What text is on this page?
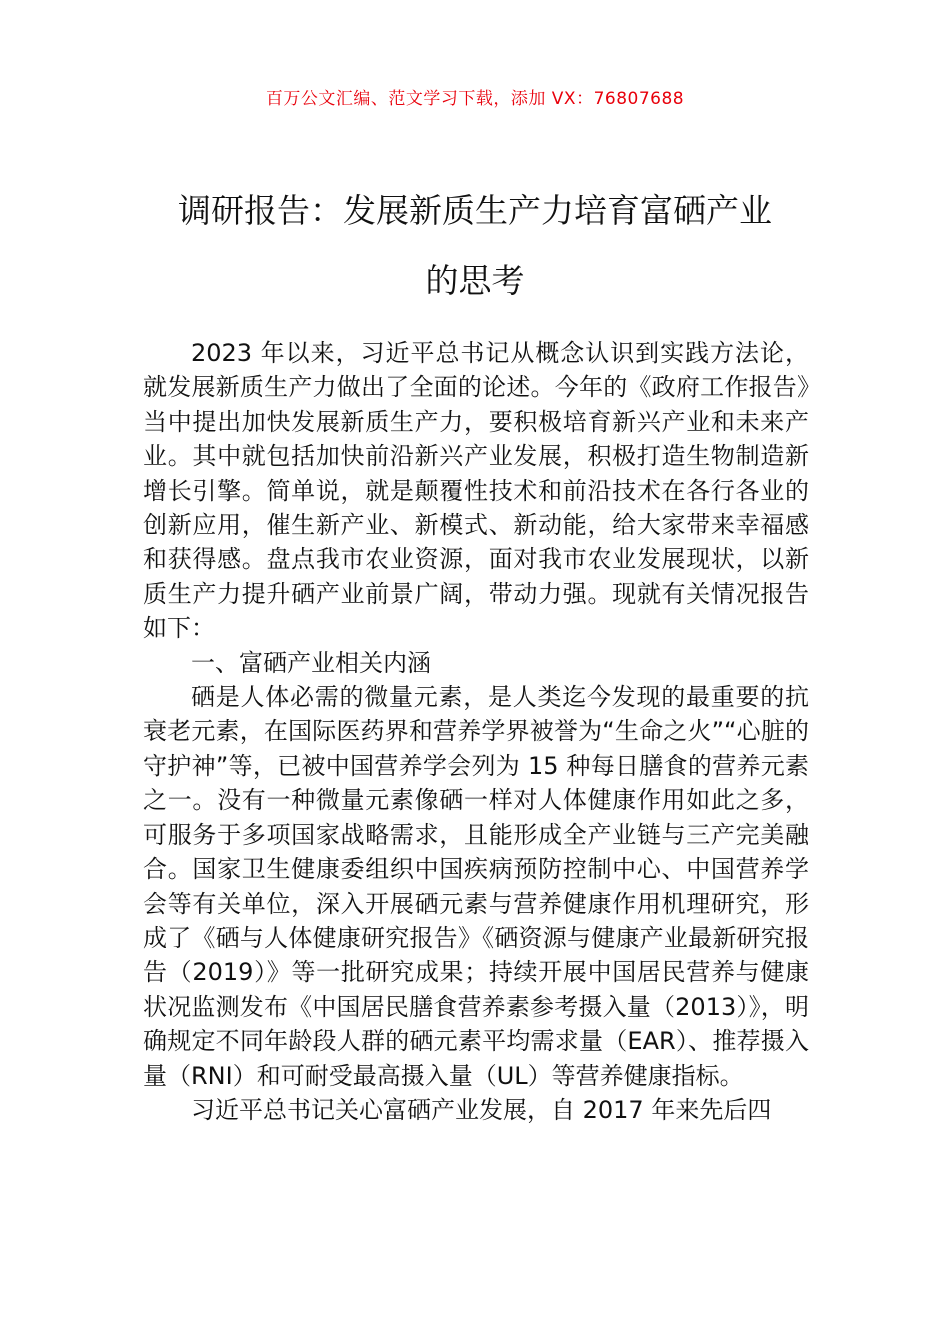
百万公文汇编、范文学习下载，添加 VX：76807688
调研报告：发展新质生产力培育富硒产业
的思考

2023 年以来，习近平总书记从概念认识到实践方法论，就发展新质生产力做出了全面的论述。今年的《政府工作报告》当中提出加快发展新质生产力，要积极培育新兴产业和未来产业。其中就包括加快前沿新兴产业发展，积极打造生物制造新增长引擎。简单说，就是颠覆性技术和前沿技术在各行各业的创新应用，催生新产业、新模式、新动能，给大家带来幸福感和获得感。盘点我市农业资源，面对我市农业发展现状，以新质生产力提升硒产业前景广阔，带动力强。现就有关情况报告如下：

一、富硒产业相关内涵

硒是人体必需的微量元素，是人类迄今发现的最重要的抗衰老元素，在国际医药界和营养学界被誉为“生命之火”“心脏的守护神”等，已被中国营养学会列为 15 种每日膳食的营养元素之一。没有一种微量元素像硒一样对人体健康作用如此之多，可服务于多项国家战略需求，且能形成全产业链与三产完美融合。国家卫生健康委组织中国疾病预防控制中心、中国营养学会等有关单位，深入开展硒元素与营养健康作用机理研究，形成了《硒与人体健康研究报告》《硒资源与健康产业最新研究报告（2019）》等一批研究成果；持续开展中国居民营养与健康状况监测发布《中国居民膳食营养素参考摄入量（2013）》，明确规定不同年龄段人群的硒元素平均需求量（EAR）、推荐摄入量（RNI）和可耐受最高摄入量（UL）等营养健康指标。

习近平总书记关心富硒产业发展，自 2017 年来先后四
